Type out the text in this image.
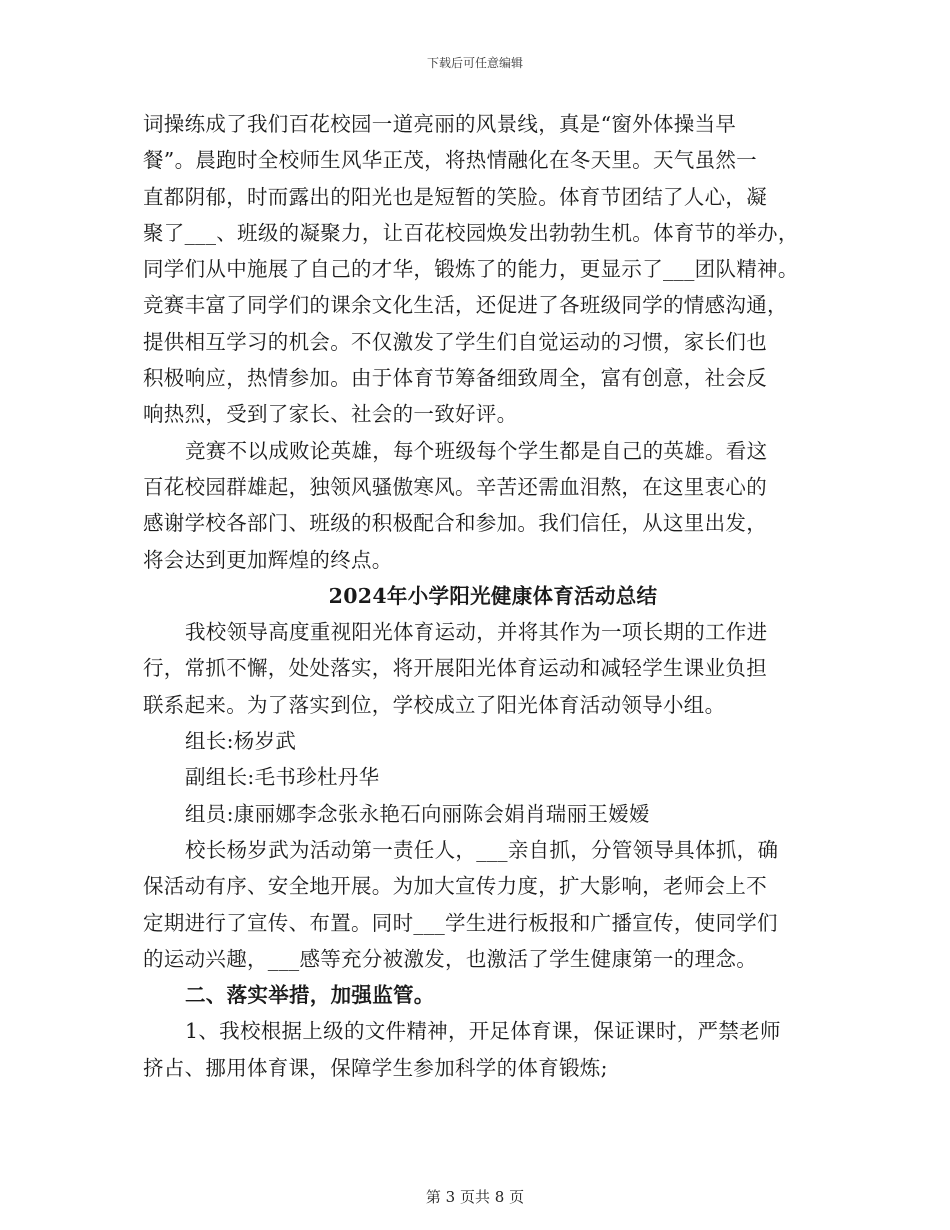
下载后可任意编辑
词操练成了我们百花校园一道亮丽的风景线，真是“窗外体操当早
餐”。晨跑时全校师生风华正茂，将热情融化在冬天里。天气虽然一
直都阴郁，时而露出的阳光也是短暂的笑脸。体育节团结了人心，凝
聚了___、班级的凝聚力，让百花校园焕发出勃勃生机。体育节的举办，
同学们从中施展了自己的才华，锻炼了的能力，更显示了___团队精神。
竞赛丰富了同学们的课余文化生活，还促进了各班级同学的情感沟通，
提供相互学习的机会。不仅激发了学生们自觉运动的习惯，家长们也
积极响应，热情参加。由于体育节筹备细致周全，富有创意，社会反
响热烈，受到了家长、社会的一致好评。
竞赛不以成败论英雄，每个班级每个学生都是自己的英雄。看这
百花校园群雄起，独领风骚傲寒风。辛苦还需血泪熬，在这里衷心的
感谢学校各部门、班级的积极配合和参加。我们信任，从这里出发，
将会达到更加辉煌的终点。
2024年小学阳光健康体育活动总结
我校领导高度重视阳光体育运动，并将其作为一项长期的工作进
行，常抓不懈，处处落实，将开展阳光体育运动和减轻学生课业负担
联系起来。为了落实到位，学校成立了阳光体育活动领导小组。
组长:杨岁武
副组长:毛书珍杜丹华
组员:康丽娜李念张永艳石向丽陈会娟肖瑞丽王嫒嫒
校长杨岁武为活动第一责任人，___亲自抓，分管领导具体抓，确
保活动有序、安全地开展。为加大宣传力度，扩大影响，老师会上不
定期进行了宣传、布置。同时___学生进行板报和广播宣传，使同学们
的运动兴趣，___感等充分被激发，也激活了学生健康第一的理念。
二、落实举措，加强监管。
1、我校根据上级的文件精神，开足体育课，保证课时，严禁老师
挤占、挪用体育课，保障学生参加科学的体育锻炼;
第 3 页共 8 页
